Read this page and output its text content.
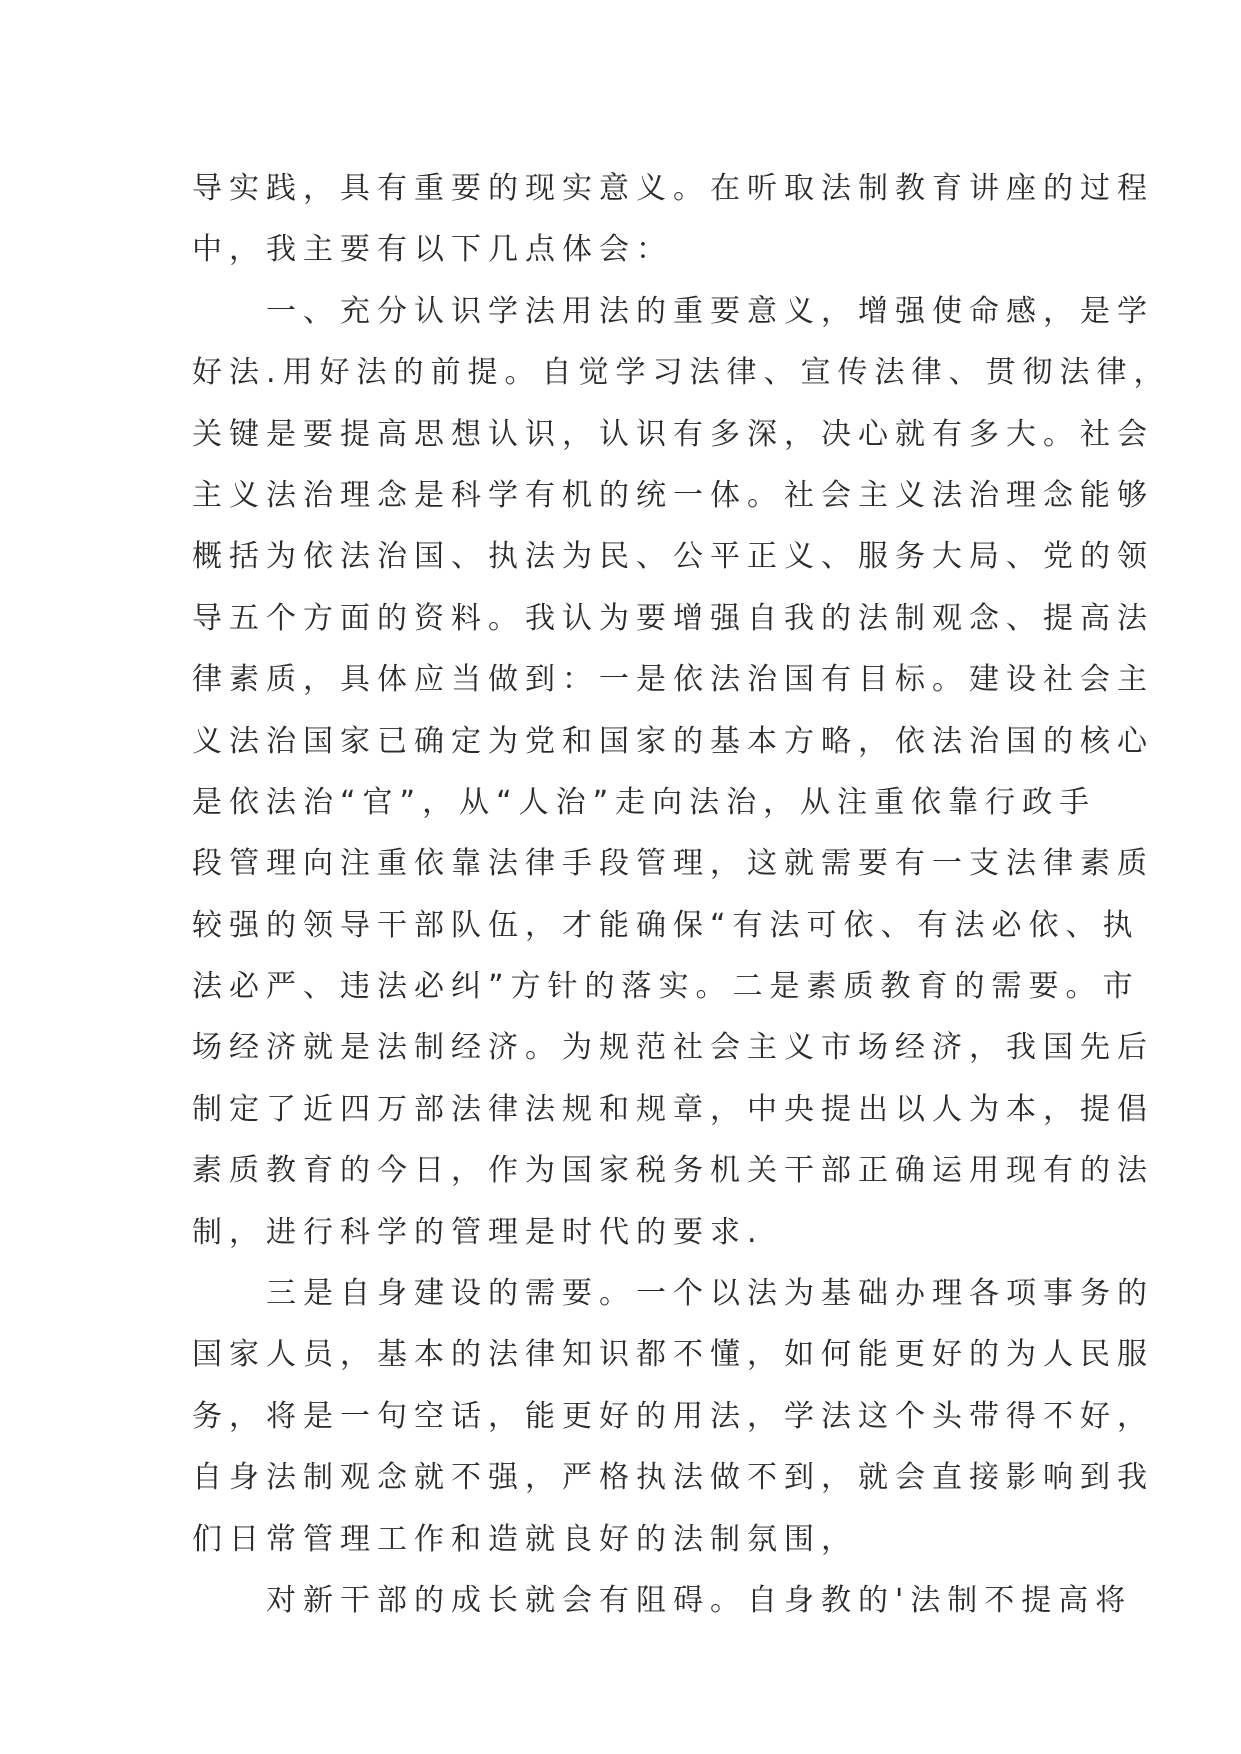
导实践，具有重要的现实意义。在听取法制教育讲座的过程
中，我主要有以下几点体会：
　　一、充分认识学法用法的重要意义，增强使命感，是学
好法.用好法的前提。自觉学习法律、宣传法律、贯彻法律，
关键是要提高思想认识，认识有多深，决心就有多大。社会
主义法治理念是科学有机的统一体。社会主义法治理念能够
概括为依法治国、执法为民、公平正义、服务大局、党的领
导五个方面的资料。我认为要增强自我的法制观念、提高法
律素质，具体应当做到：一是依法治国有目标。建设社会主
义法治国家已确定为党和国家的基本方略，依法治国的核心
是依法治“官”，从“人治”走向法治，从注重依靠行政手
段管理向注重依靠法律手段管理，这就需要有一支法律素质
较强的领导干部队伍，才能确保“有法可依、有法必依、执
法必严、违法必纠”方针的落实。二是素质教育的需要。市
场经济就是法制经济。为规范社会主义市场经济，我国先后
制定了近四万部法律法规和规章，中央提出以人为本，提倡
素质教育的今日，作为国家税务机关干部正确运用现有的法
制，进行科学的管理是时代的要求.
　　三是自身建设的需要。一个以法为基础办理各项事务的
国家人员，基本的法律知识都不懂，如何能更好的为人民服
务，将是一句空话，能更好的用法，学法这个头带得不好，
自身法制观念就不强，严格执法做不到，就会直接影响到我
们日常管理工作和造就良好的法制氛围，
　　对新干部的成长就会有阻碍。自身教的'法制不提高将
